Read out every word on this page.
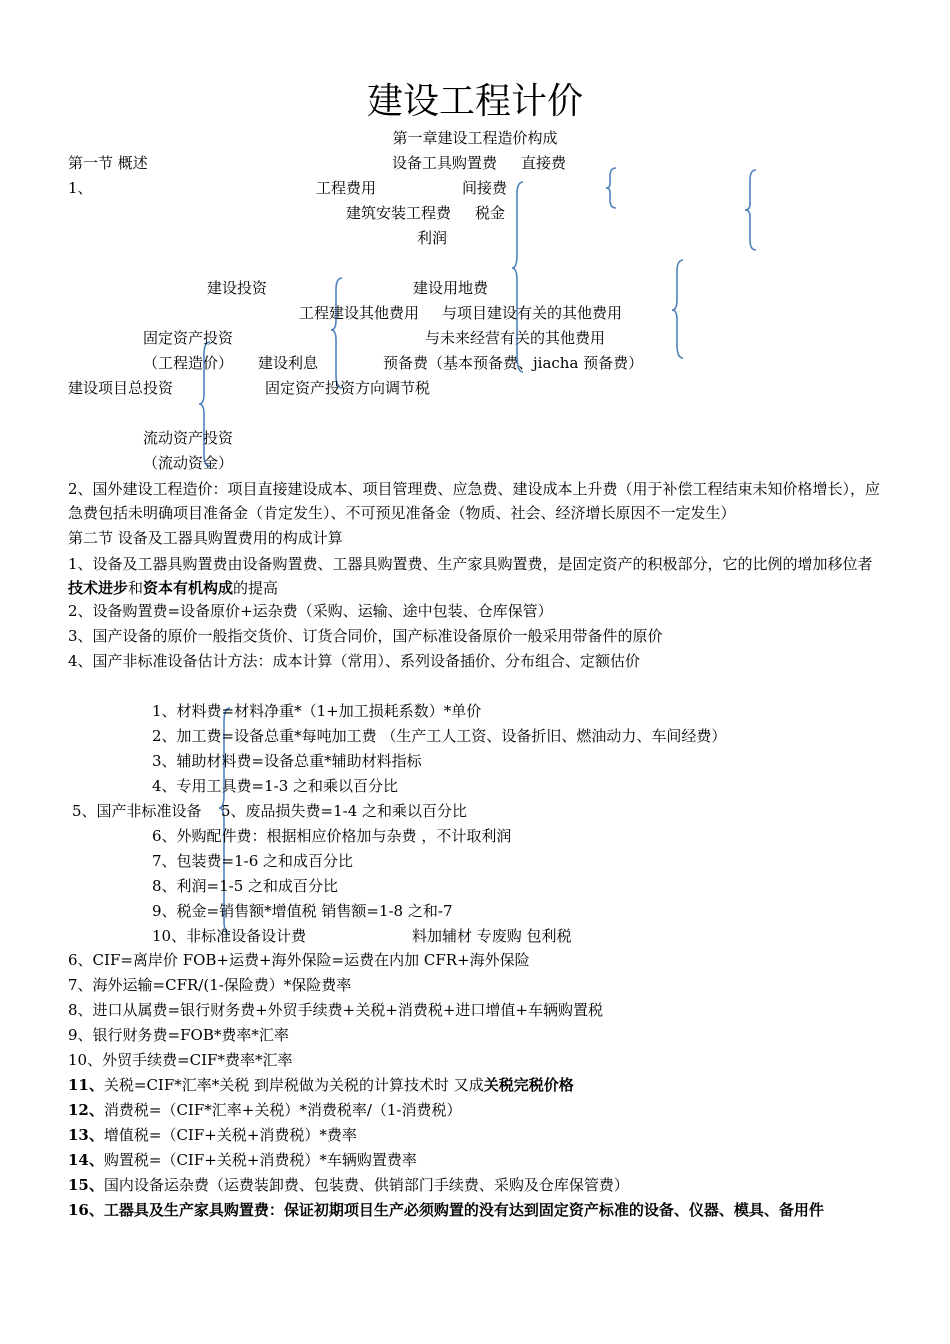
建设工程计价
第一章建设工程造价构成
第一节 概述	设备工具购置费 直接费
1、	工程费用	间接费
建筑安装工程费 税金
利润
建设投资	建设用地费
工程建设其他费用 与项目建设有关的其他费用
固定资产投资	与未来经营有关的其他费用
（工程造价） 建设利息	预备费（基本预备费、jiacha 预备费）
建设项目总投资	固定资产投资方向调节税
流动资产投资
（流动资金）
2、国外建设工程造价：项目直接建设成本、项目管理费、应急费、建设成本上升费（用于补偿工程结束未知价格增长），应急费包括未明确项目准备金（肯定发生）、不可预见准备金（物质、社会、经济增长原因不一定发生）
第二节 设备及工器具购置费用的构成计算
1、设备及工器具购置费由设备购置费、工器具购置费、生产家具购置费，是固定资产的积极部分，它的比例的增加移位者技术进步和资本有机构成的提高
2、设备购置费=设备原价+运杂费（采购、运输、途中包装、仓库保管）
3、国产设备的原价一般指交货价、订货合同价，国产标准设备原价一般采用带备件的原价
4、国产非标准设备估计方法：成本计算（常用）、系列设备插价、分布组合、定额估价
1、材料费=材料净重*（1+加工损耗系数）*单价
2、加工费=设备总重*每吨加工费 （生产工人工资、设备折旧、燃油动力、车间经费）
3、辅助材料费=设备总重*辅助材料指标
4、专用工具费=1-3 之和乘以百分比
5、国产非标准设备 5、废品损失费=1-4 之和乘以百分比
6、外购配件费：根据相应价格加与杂费 ，不计取利润
7、包装费=1-6 之和成百分比
8、利润=1-5 之和成百分比
9、税金=销售额*增值税 销售额=1-8 之和-7
10、非标准设备设计费	料加辅材 专废购 包利税
6、CIF=离岸价 FOB+运费+海外保险=运费在内加 CFR+海外保险
7、海外运输=CFR/(1-保险费）*保险费率
8、进口从属费=银行财务费+外贸手续费+关税+消费税+进口增值+车辆购置税
9、银行财务费=FOB*费率*汇率
10、外贸手续费=CIF*费率*汇率
11、关税=CIF*汇率*关税 到岸税做为关税的计算技术时 又成关税完税价格
12、消费税=（CIF*汇率+关税）*消费税率/（1-消费税）
13、增值税=（CIF+关税+消费税）*费率
14、购置税=（CIF+关税+消费税）*车辆购置费率
15、国内设备运杂费（运费装卸费、包装费、供销部门手续费、采购及仓库保管费）
16、工器具及生产家具购置费：保证初期项目生产必须购置的没有达到固定资产标准的设备、仪器、模具、备用件
